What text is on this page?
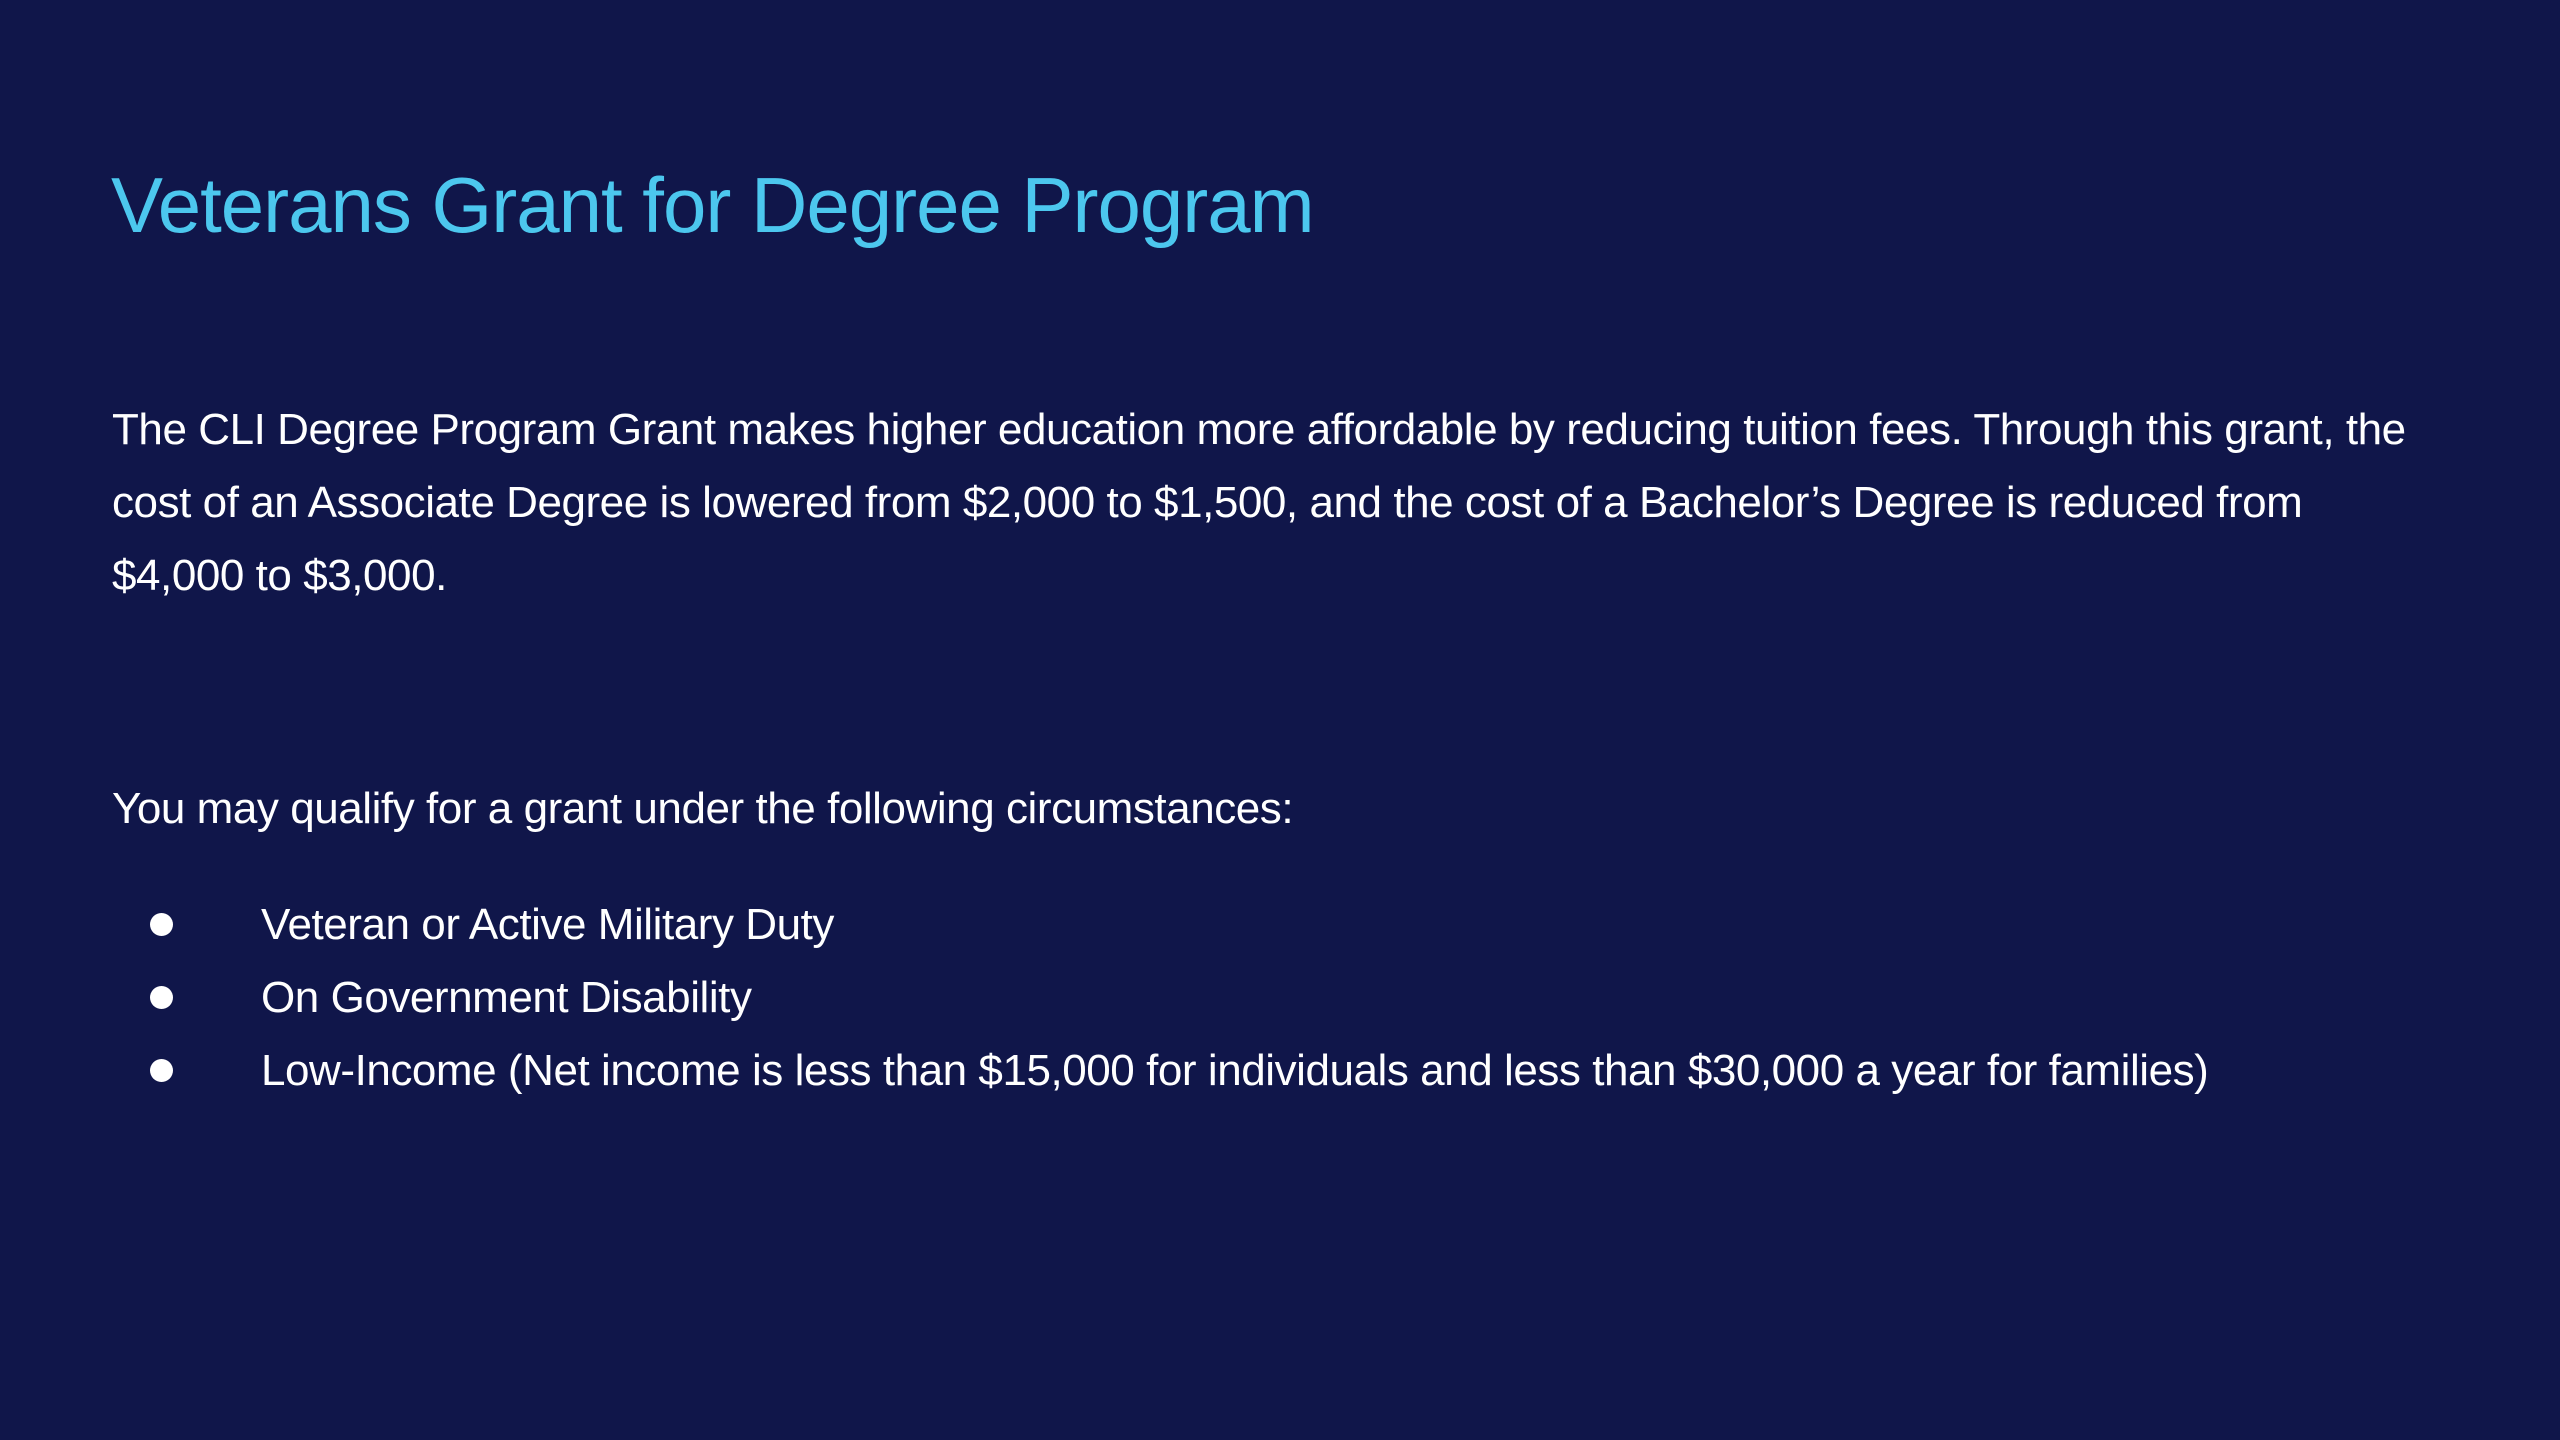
Veterans Grant for Degree Program

The CLI Degree Program Grant makes higher education more affordable by reducing tuition fees. Through this grant, the cost of an Associate Degree is lowered from $2,000 to $1,500, and the cost of a Bachelor’s Degree is reduced from $4,000 to $3,000.

You may qualify for a grant under the following circumstances:

Veteran or Active Military Duty
On Government Disability
Low-Income (Net income is less than $15,000 for individuals and less than $30,000 a year for families)
